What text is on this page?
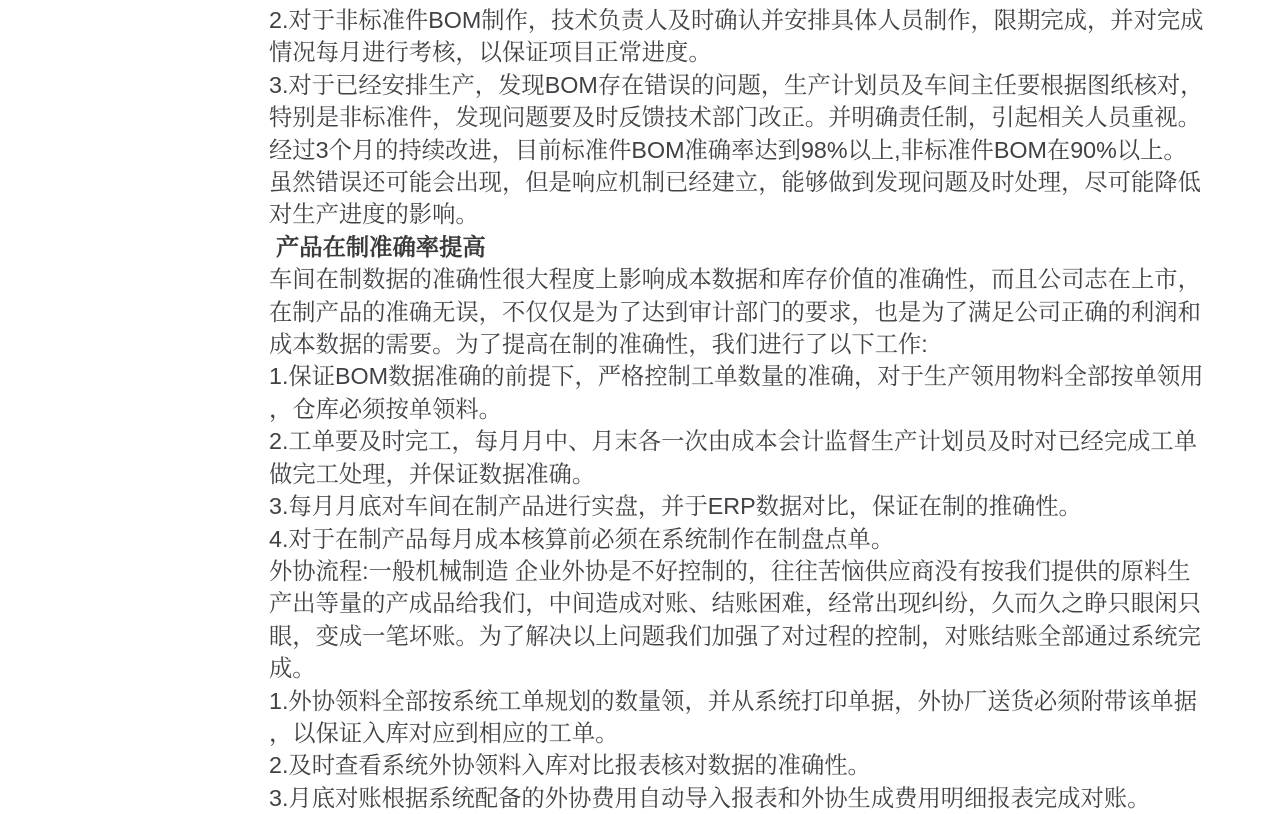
2.对于非标准件BOM制作，技术负责人及时确认并安排具体人员制作，限期完成，并对完成情况每月进行考核，以保证项目正常进度。

3.对于已经安排生产，发现BOM存在错误的问题，生产计划员及车间主任要根据图纸核对，特别是非标准件，发现问题要及时反馈技术部门改正。并明确责任制，引起相关人员重视。

经过3个月的持续改进，目前标准件BOM准确率达到98%以上,非标准件BOM在90%以上。虽然错误还可能会出现，但是响应机制已经建立，能够做到发现问题及时处理，尽可能降低对生产进度的影响。

产品在制准确率提高

车间在制数据的准确性很大程度上影响成本数据和库存价值的准确性，而且公司志在上市，在制产品的准确无误，不仅仅是为了达到审计部门的要求，也是为了满足公司正确的利润和成本数据的需要。为了提高在制的准确性，我们进行了以下工作:

1.保证BOM数据准确的前提下，严格控制工单数量的准确，对于生产领用物料全部按单领用，仓库必须按单领料。

2.工单要及时完工，每月月中、月末各一次由成本会计监督生产计划员及时对已经完成工单做完工处理，并保证数据准确。

3.每月月底对车间在制产品进行实盘，并于ERP数据对比，保证在制的推确性。

4.对于在制产品每月成本核算前必须在系统制作在制盘点单。

外协流程:一般机械制造 企业外协是不好控制的，往往苦恼供应商没有按我们提供的原料生产出等量的产成品给我们，中间造成对账、结账困难，经常出现纠纷，久而久之睁只眼闲只眼，变成一笔坏账。为了解决以上问题我们加强了对过程的控制，对账结账全部通过系统完成。

1.外协领料全部按系统工单规划的数量领，并从系统打印单据，外协厂送货必须附带该单据，以保证入库对应到相应的工单。

2.及时查看系统外协领料入库对比报表核对数据的准确性。

3.月底对账根据系统配备的外协费用自动导入报表和外协生成费用明细报表完成对账。
